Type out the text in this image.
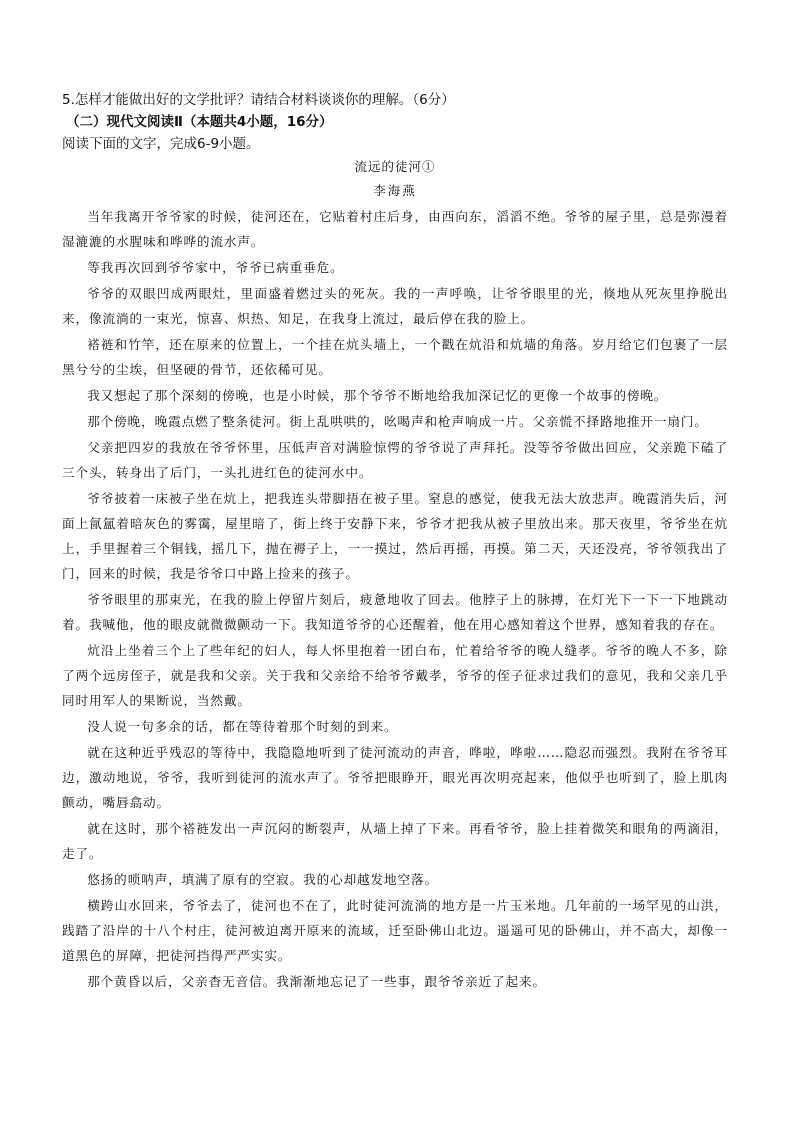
5.怎样才能做出好的文学批评？请结合材料谈谈你的理解。（6分）

（二）现代文阅读Ⅱ（本题共4小题，16分）

阅读下面的文字，完成6-9小题。

流远的徒河①

李海燕

当年我离开爷爷家的时候，徒河还在，它贴着村庄后身，由西向东，滔滔不绝。爷爷的屋子里，总是弥漫着湿漉漉的水腥味和哗哗的流水声。

等我再次回到爷爷家中，爷爷已病重垂危。

爷爷的双眼凹成两眼灶，里面盛着燃过头的死灰。我的一声呼唤，让爷爷眼里的光，倏地从死灰里挣脱出来，像流淌的一束光，惊喜、炽热、知足，在我身上流过，最后停在我的脸上。

褡裢和竹竿，还在原来的位置上，一个挂在炕头墙上，一个戳在炕沿和炕墙的角落。岁月给它们包裹了一层黑兮兮的尘埃，但坚硬的骨节，还依稀可见。

我又想起了那个深刻的傍晚，也是小时候，那个爷爷不断地给我加深记忆的更像一个故事的傍晚。

那个傍晚，晚霞点燃了整条徒河。街上乱哄哄的，吆喝声和枪声响成一片。父亲慌不择路地推开一扇门。

父亲把四岁的我放在爷爷怀里，压低声音对满脸惊愕的爷爷说了声拜托。没等爷爷做出回应，父亲跪下磕了三个头，转身出了后门，一头扎进红色的徒河水中。

爷爷披着一床被子坐在炕上，把我连头带脚捂在被子里。窒息的感觉，使我无法大放悲声。晚霞消失后，河面上氤氲着暗灰色的雾霭，屋里暗了，街上终于安静下来，爷爷才把我从被子里放出来。那天夜里，爷爷坐在炕上，手里握着三个铜钱，摇几下，抛在褥子上，一一摸过，然后再摇，再摸。第二天，天还没亮，爷爷领我出了门，回来的时候，我是爷爷口中路上捡来的孩子。

爷爷眼里的那束光，在我的脸上停留片刻后，疲惫地收了回去。他脖子上的脉搏，在灯光下一下一下地跳动着。我喊他，他的眼皮就微微颤动一下。我知道爷爷的心还醒着，他在用心感知着这个世界，感知着我的存在。

炕沿上坐着三个上了些年纪的妇人，每人怀里抱着一团白布，忙着给爷爷的晚人缝孝。爷爷的晚人不多，除了两个远房侄子，就是我和父亲。关于我和父亲给不给爷爷戴孝，爷爷的侄子征求过我们的意见，我和父亲几乎同时用军人的果断说，当然戴。

没人说一句多余的话，都在等待着那个时刻的到来。

就在这种近乎残忍的等待中，我隐隐地听到了徒河流动的声音，哗啦，哗啦……隐忍而强烈。我附在爷爷耳边，激动地说，爷爷，我听到徒河的流水声了。爷爷把眼睁开，眼光再次明亮起来，他似乎也听到了，脸上肌肉颤动，嘴唇翕动。

就在这时，那个褡裢发出一声沉闷的断裂声，从墙上掉了下来。再看爷爷，脸上挂着微笑和眼角的两滴泪，走了。

悠扬的唢呐声，填满了原有的空寂。我的心却越发地空落。

横跨山水回来，爷爷去了，徒河也不在了，此时徒河流淌的地方是一片玉米地。几年前的一场罕见的山洪，践踏了沿岸的十八个村庄，徒河被迫离开原来的流域，迁至卧佛山北边。遥遥可见的卧佛山，并不高大，却像一道黑色的屏障，把徒河挡得严严实实。

那个黄昏以后，父亲杳无音信。我渐渐地忘记了一些事，跟爷爷亲近了起来。
